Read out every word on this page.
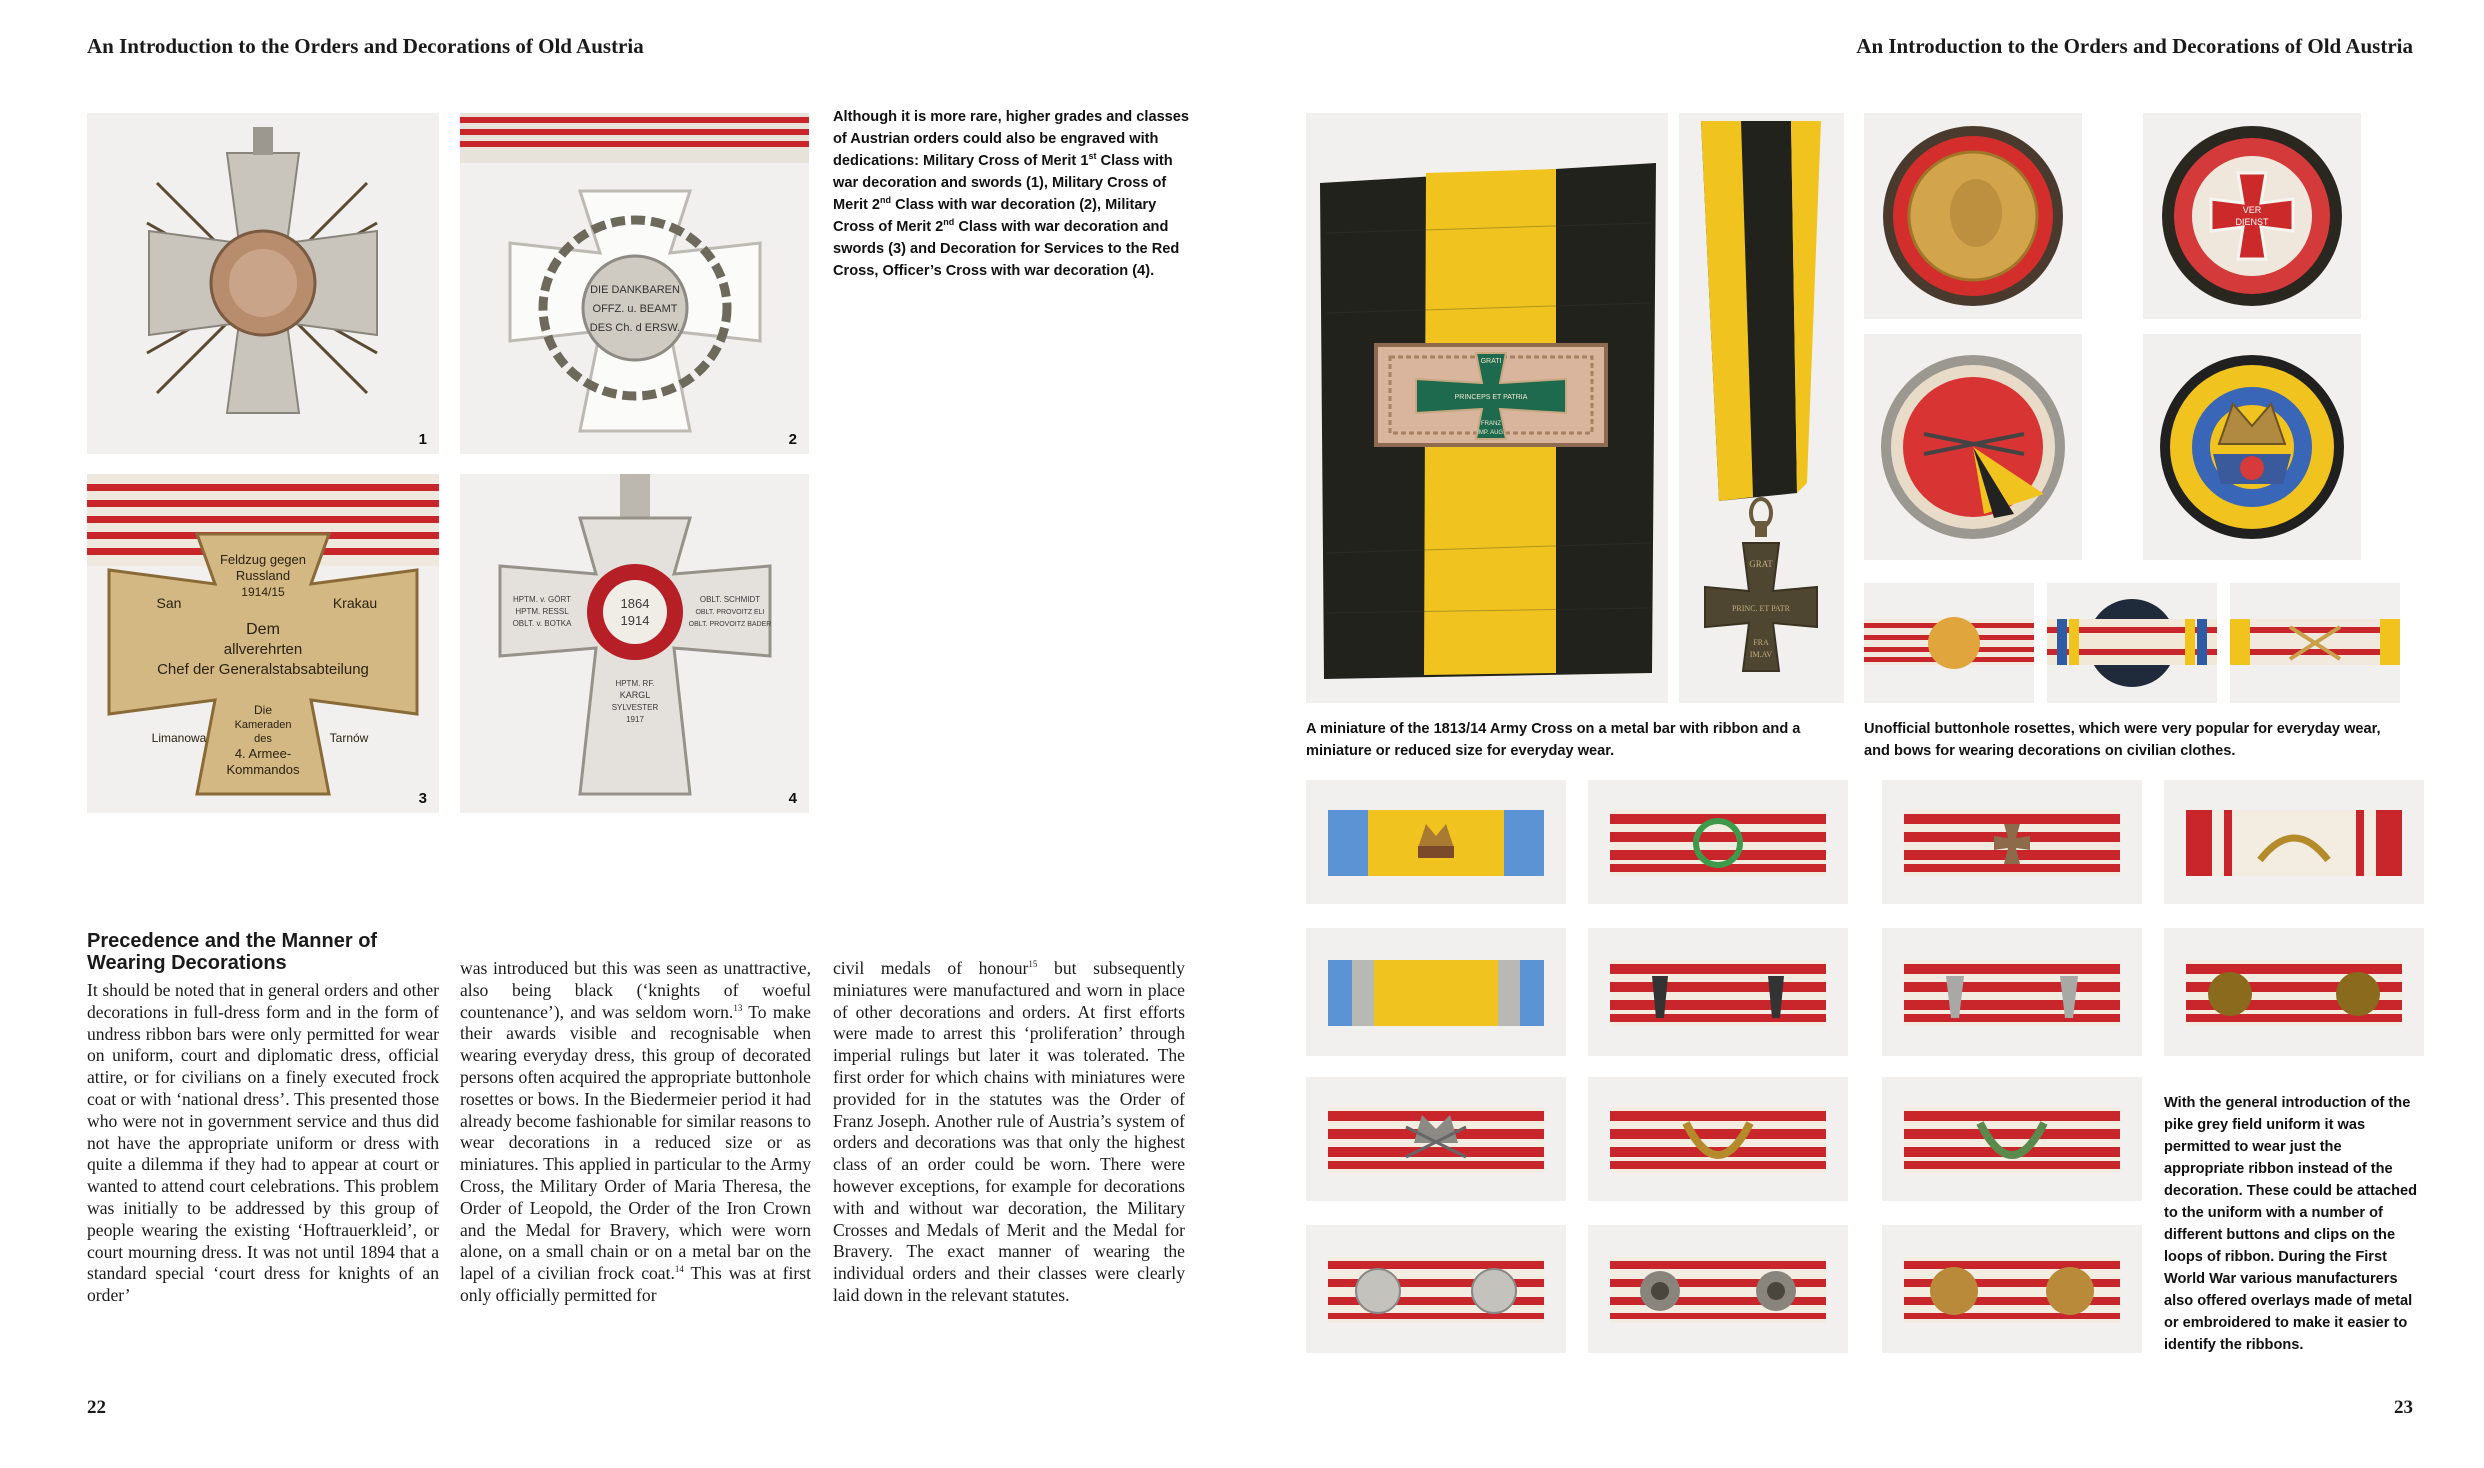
An Introduction to the Orders and Decorations of Old Austria
1
DIE DANKBAREN
OFFZ. u. BEAMT
DES Ch. d ERSW.
2
Feldzug gegen
Russland
1914/15
San	Krakau
Dem
allverehrten
Chef der Generalstabsabteilung
Die
Kameraden
des
4. Armee-
Kommandos
Limanowa	Tarnów
3
1864
1914
HPTM. v. GÖRT
HPTM. RESSL
OBLT. v. BOTKA
OBLT. SCHMIDT
OBLT. PROVOITZ ELI
OBLT. PROVOITZ BADER
HPTM. RF.
KARGL
SYLVESTER
1917
4
Although it is more rare, higher grades and classes of Austrian orders could also be engraved with dedications: Military Cross of Merit 1st Class with war decoration and swords (1), Military Cross of Merit 2nd Class with war decoration (2), Military Cross of Merit 2nd Class with war decoration and swords (3) and Decoration for Services to the Red Cross, Officer’s Cross with war decoration (4).
Precedence and the Manner of Wearing Decorations
It should be noted that in general orders and other decorations in full-dress form and in the form of undress ribbon bars were only permitted for wear on uniform, court and diplomatic dress, official attire, or for civilians on a finely executed frock coat or with ‘national dress’. This presented those who were not in government service and thus did not have the appropriate uniform or dress with quite a dilemma if they had to appear at court or wanted to attend court celebrations. This problem was initially to be addressed by this group of people wearing the existing ‘Hoftrauerkleid’, or court mourning dress. It was not until 1894 that a standard special ‘court dress for knights of an order’
was introduced but this was seen as unattractive, also being black (‘knights of woeful countenance’), and was seldom worn.$^{13}$ To make their awards visible and recognisable when wearing everyday dress, this group of decorated persons often acquired the appropriate buttonhole rosettes or bows. In the Biedermeier period it had already become fashionable for similar reasons to wear decorations in a reduced size or as miniatures. This applied in particular to the Army Cross, the Military Order of Maria Theresa, the Order of Leopold, the Order of the Iron Crown and the Medal for Bravery, which were worn alone, on a small chain or on a metal bar on the lapel of a civilian frock coat.$^{14}$ This was at first only officially permitted for
civil medals of honour$^{15}$ but subsequently miniatures were manufactured and worn in place of other decorations and orders. At first efforts were made to arrest this ‘proliferation’ through imperial rulings but later it was tolerated. The first order for which chains with miniatures were provided for in the statutes was the Order of Franz Joseph. Another rule of Austria’s system of orders and decorations was that only the highest class of an order could be worn. There were however exceptions, for example for decorations with and without war decoration, the Military Crosses and Medals of Merit and the Medal for Bravery. The exact manner of wearing the individual orders and their classes were clearly laid down in the relevant statutes.
22
An Introduction to the Orders and Decorations of Old Austria
GRATI
PRINCEPS ET PATRIA
FRANZ
IMP. AUG.
GRAT
PRINC. ET PATR
FRA
IM.AV
VER
DIENST
A miniature of the 1813/14 Army Cross on a metal bar with ribbon and a miniature or reduced size for everyday wear.
Unofficial buttonhole rosettes, which were very popular for everyday wear, and bows for wearing decorations on civilian clothes.
With the general introduction of the pike grey field uniform it was permitted to wear just the appropriate ribbon instead of the decoration. These could be attached to the uniform with a number of different buttons and clips on the loops of ribbon. During the First World War various manufacturers also offered overlays made of metal or embroidered to make it easier to identify the ribbons.
23
